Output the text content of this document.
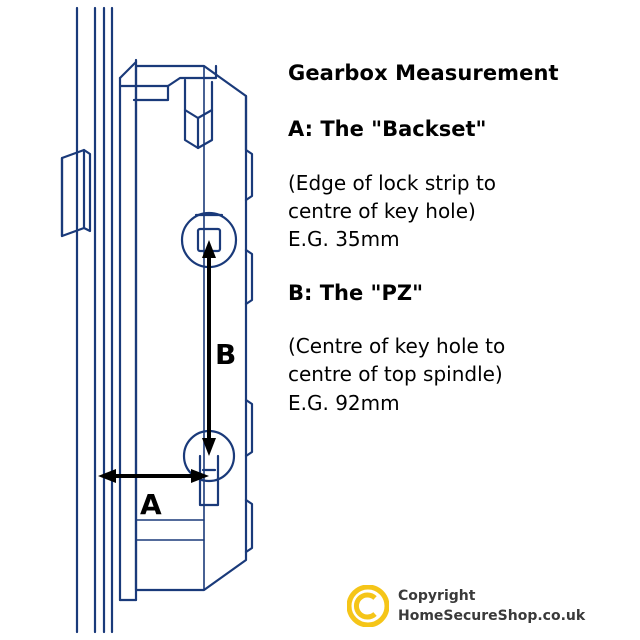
B
A
Gearbox Measurement
A: The "Backset"
(Edge of lock strip to
centre of key hole)
E.G. 35mm
B: The "PZ"
(Centre of key hole to
centre of top spindle)
E.G. 92mm
Copyright
HomeSecureShop.co.uk
